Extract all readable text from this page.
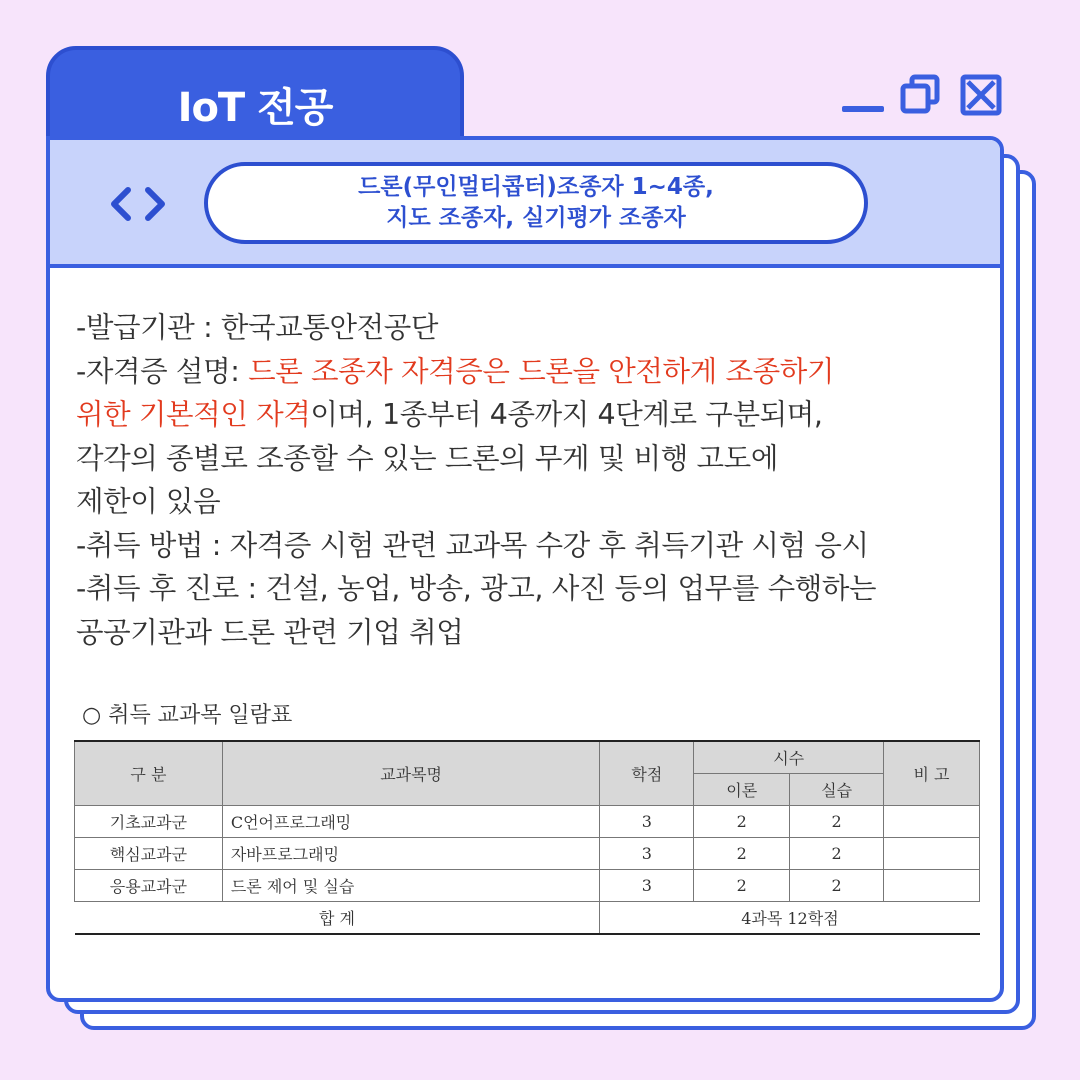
IoT 전공
드론(무인멀티콥터)조종자 1~4종,
지도 조종자, 실기평가 조종자

-발급기관 : 한국교통안전공단

-자격증 설명: 드론 조종자 자격증은 드론을 안전하게 조종하기

위한 기본적인 자격이며, 1종부터 4종까지 4단계로 구분되며,

각각의 종별로 조종할 수 있는 드론의 무게 및 비행 고도에

제한이 있음

-취득 방법 : 자격증 시험 관련 교과목 수강 후 취득기관 시험 응시

-취득 후 진로 : 건설, 농업, 방송, 광고, 사진 등의 업무를 수행하는

공공기관과 드론 관련 기업 취업

○ 취득 교과목 일람표
구 분	교과목명	학점	시수		비 고
			이론	실습	
기초교과군	C언어프로그래밍	3	2	2	
핵심교과군	자바프로그래밍	3	2	2	
응용교과군	드론 제어 및 실습	3	2	2	
합 계		4과목 12학점			
